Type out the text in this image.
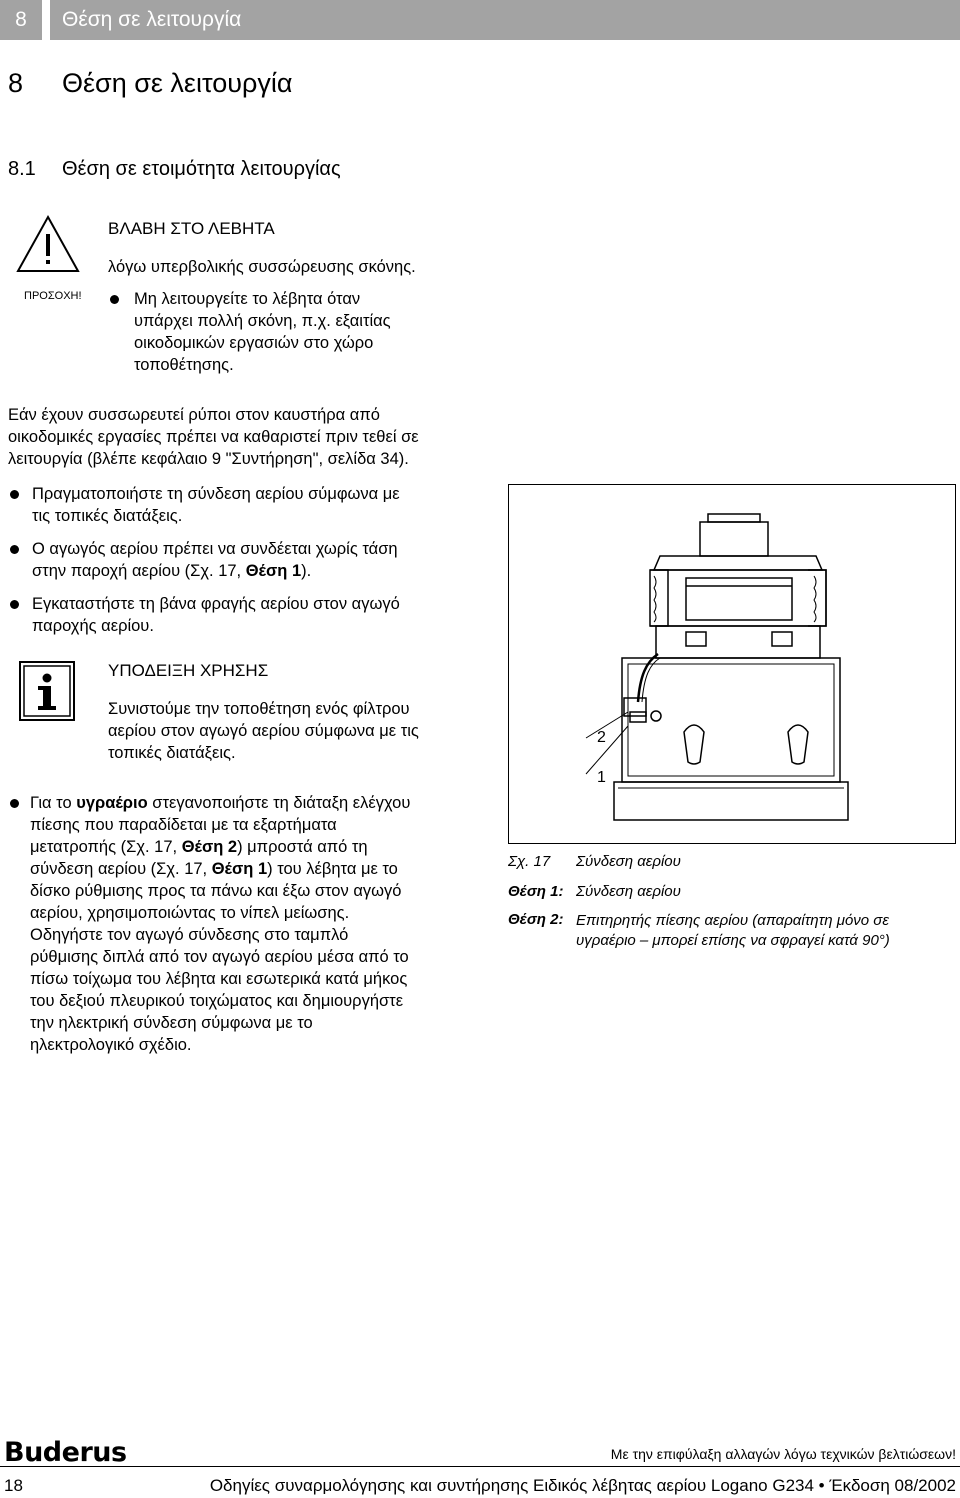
8	Θέση σε λειτουργία
8 Θέση σε λειτουργία
8.1 Θέση σε ετοιμότητα λειτουργίας
ΠΡΟΣΟΧΗ!
ΒΛΑΒΗ ΣΤΟ ΛΕΒΗΤΑ
λόγω υπερβολικής συσσώρευσης σκόνης.
Μη λειτουργείτε το λέβητα όταν
υπάρχει πολλή σκόνη, π.χ. εξαιτίας
οικοδομικών εργασιών στο χώρο
τοποθέτησης.
Εάν έχουν συσσωρευτεί ρύποι στον καυστήρα από
οικοδομικές εργασίες πρέπει να καθαριστεί πριν τεθεί σε
λειτουργία (βλέπε κεφάλαιο 9 "Συντήρηση", σελίδα 34).
Πραγματοποιήστε τη σύνδεση αερίου σύμφωνα με
τις τοπικές διατάξεις.
Ο αγωγός αερίου πρέπει να συνδέεται χωρίς τάση
στην παροχή αερίου (Σχ. 17, Θέση 1).
Εγκαταστήστε τη βάνα φραγής αερίου στον αγωγό
παροχής αερίου.
ΥΠΟΔΕΙΞΗ ΧΡΗΣΗΣ
Συνιστούμε την τοποθέτηση ενός φίλτρου
αερίου στον αγωγό αερίου σύμφωνα με τις
τοπικές διατάξεις.
Για το υγραέριο στεγανοποιήστε τη διάταξη ελέγχου
πίεσης που παραδίδεται με τα εξαρτήματα
μετατροπής (Σχ. 17, Θέση 2) μπροστά από τη
σύνδεση αερίου (Σχ. 17, Θέση 1) του λέβητα με το
δίσκο ρύθμισης προς τα πάνω και έξω στον αγωγό
αερίου, χρησιμοποιώντας το νίπελ μείωσης.
Οδηγήστε τον αγωγό σύνδεσης στο ταμπλό
ρύθμισης διπλά από τον αγωγό αερίου μέσα από το
πίσω τοίχωμα του λέβητα και εσωτερικά κατά μήκος
του δεξιού πλευρικού τοιχώματος και δημιουργήστε
την ηλεκτρική σύνδεση σύμφωνα με το
ηλεκτρολογικό σχέδιο.
2
1
Σχ. 17 Σύνδεση αερίου
Θέση 1: Σύνδεση αερίου
Θέση 2: Επιτηρητής πίεσης αερίου (απαραίτητη μόνο σε
υγραέριο – μπορεί επίσης να σφραγεί κατά 90°)
Buderus	Με την επιφύλαξη αλλαγών λόγω τεχνικών βελτιώσεων!
18	Οδηγίες συναρμολόγησης και συντήρησης Ειδικός λέβητας αερίου Logano G234 • Έκδοση 08/2002
